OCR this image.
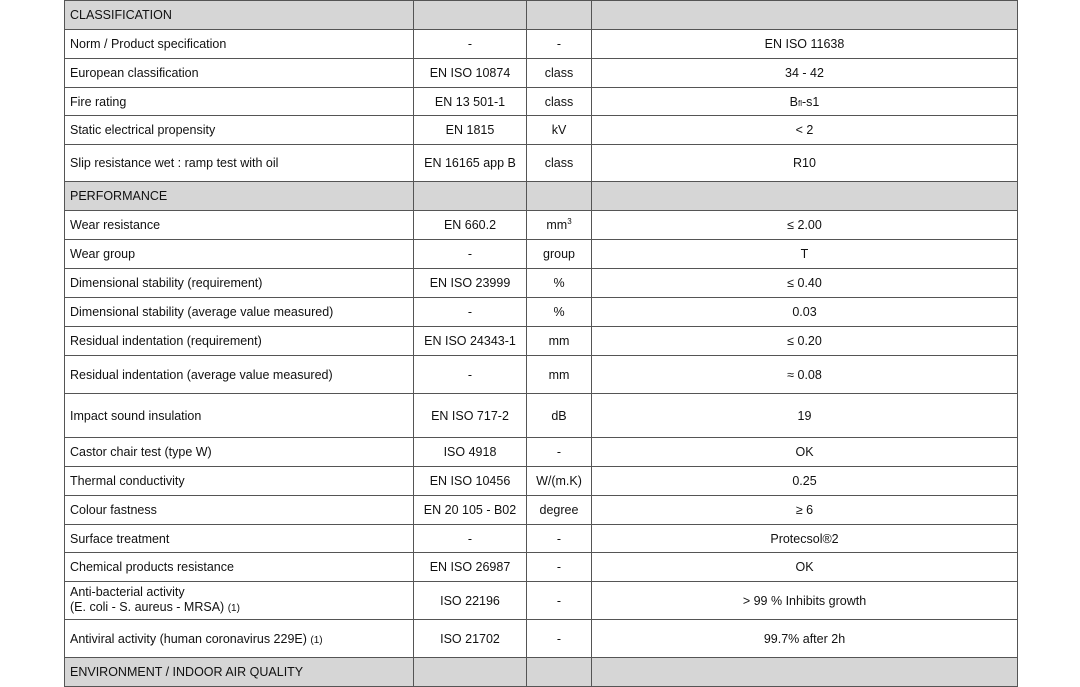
CLASSIFICATION			
Norm / Product specification	-	-	EN ISO 11638
European classification	EN ISO 10874	class	34 - 42
Fire rating	EN 13 501-1	class	Bfl-s1
Static electrical propensity	EN 1815	kV	< 2
Slip resistance wet : ramp test with oil	EN 16165 app B	class	R10
PERFORMANCE			
Wear resistance	EN 660.2	$mm^3$	≤ 2.00
Wear group	-	group	T
Dimensional stability (requirement)	EN ISO 23999	%	≤ 0.40
Dimensional stability (average value measured)	-	%	0.03
Residual indentation (requirement)	EN ISO 24343-1	mm	≤ 0.20
Residual indentation (average value measured)	-	mm	≈ 0.08
Impact sound insulation	EN ISO 717-2	dB	19
Castor chair test (type W)	ISO 4918	-	OK
Thermal conductivity	EN ISO 10456	W/(m.K)	0.25
Colour fastness	EN 20 105 - B02	degree	≥ 6
Surface treatment	-	-	Protecsol®2
Chemical products resistance	EN ISO 26987	-	OK

Anti-bacterial activity
(E. coli - S. aureus - MRSA) (1)	ISO 22196	-	> 99 % Inhibits growth
Antiviral activity (human coronavirus 229E) (1)	ISO 21702	-	99.7% after 2h
ENVIRONMENT / INDOOR AIR QUALITY			
